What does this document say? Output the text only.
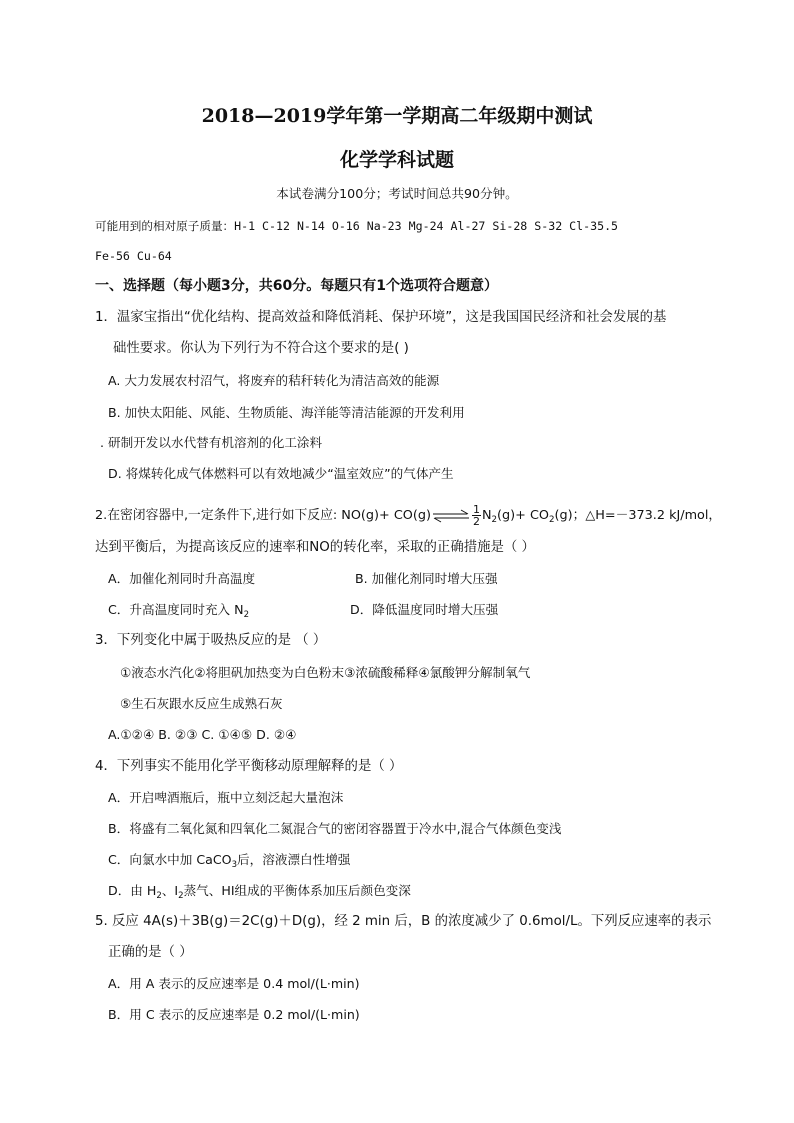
2018—2019学年第一学期高二年级期中测试
化学学科试题
本试卷满分100分；考试时间总共90分钟。
可能用到的相对原子质量：H-1 C-12 N-14 O-16 Na-23 Mg-24 Al-27 Si-28 S-32 Cl-35.5
Fe-56 Cu-64
一、选择题（每小题3分，共60分。每题只有1个选项符合题意）
1．温家宝指出“优化结构、提高效益和降低消耗、保护环境”，这是我国国民经济和社会发展的基
础性要求。你认为下列行为不符合这个要求的是( )
A. 大力发展农村沼气，将废弃的秸秆转化为清洁高效的能源
B. 加快太阳能、风能、生物质能、海洋能等清洁能源的开发利用
. 研制开发以水代替有机溶剂的化工涂料
D. 将煤转化成气体燃料可以有效地减少“温室效应”的气体产生
2.在密闭容器中,一定条件下,进行如下反应: NO(g)+ CO(g)⇌ $\frac{1}{2} N_2(g)+ CO_2(g)$；△H=－373.2 kJ/mol，
达到平衡后，为提高该反应的速率和NO的转化率，采取的正确措施是（ ）
A．加催化剂同时升高温度	B. 加催化剂同时增大压强
C．升高温度同时充入 $N_2$	D．降低温度同时增大压强
3．下列变化中属于吸热反应的是 （ ）
①液态水汽化②将胆矾加热变为白色粉末③浓硫酸稀释④氯酸钾分解制氧气
⑤生石灰跟水反应生成熟石灰
A.①②④ B. ②③ C. ①④⑤ D. ②④
4．下列事实不能用化学平衡移动原理解释的是（ ）
A．开启啤酒瓶后，瓶中立刻泛起大量泡沫
B．将盛有二氧化氮和四氧化二氮混合气的密闭容器置于冷水中,混合气体颜色变浅
C．向氯水中加 CaCO$_3$后，溶液漂白性增强
D．由 $H_2$、$I_2$蒸气、HI组成的平衡体系加压后颜色变深
5. 反应 4A(s)＋3B(g)＝2C(g)＋D(g)，经 2 min 后，B 的浓度减少了 0.6mol/L。下列反应速率的表示
正确的是（ ）
A．用 A 表示的反应速率是 0.4 mol/(L·min)
B．用 C 表示的反应速率是 0.2 mol/(L·min)
